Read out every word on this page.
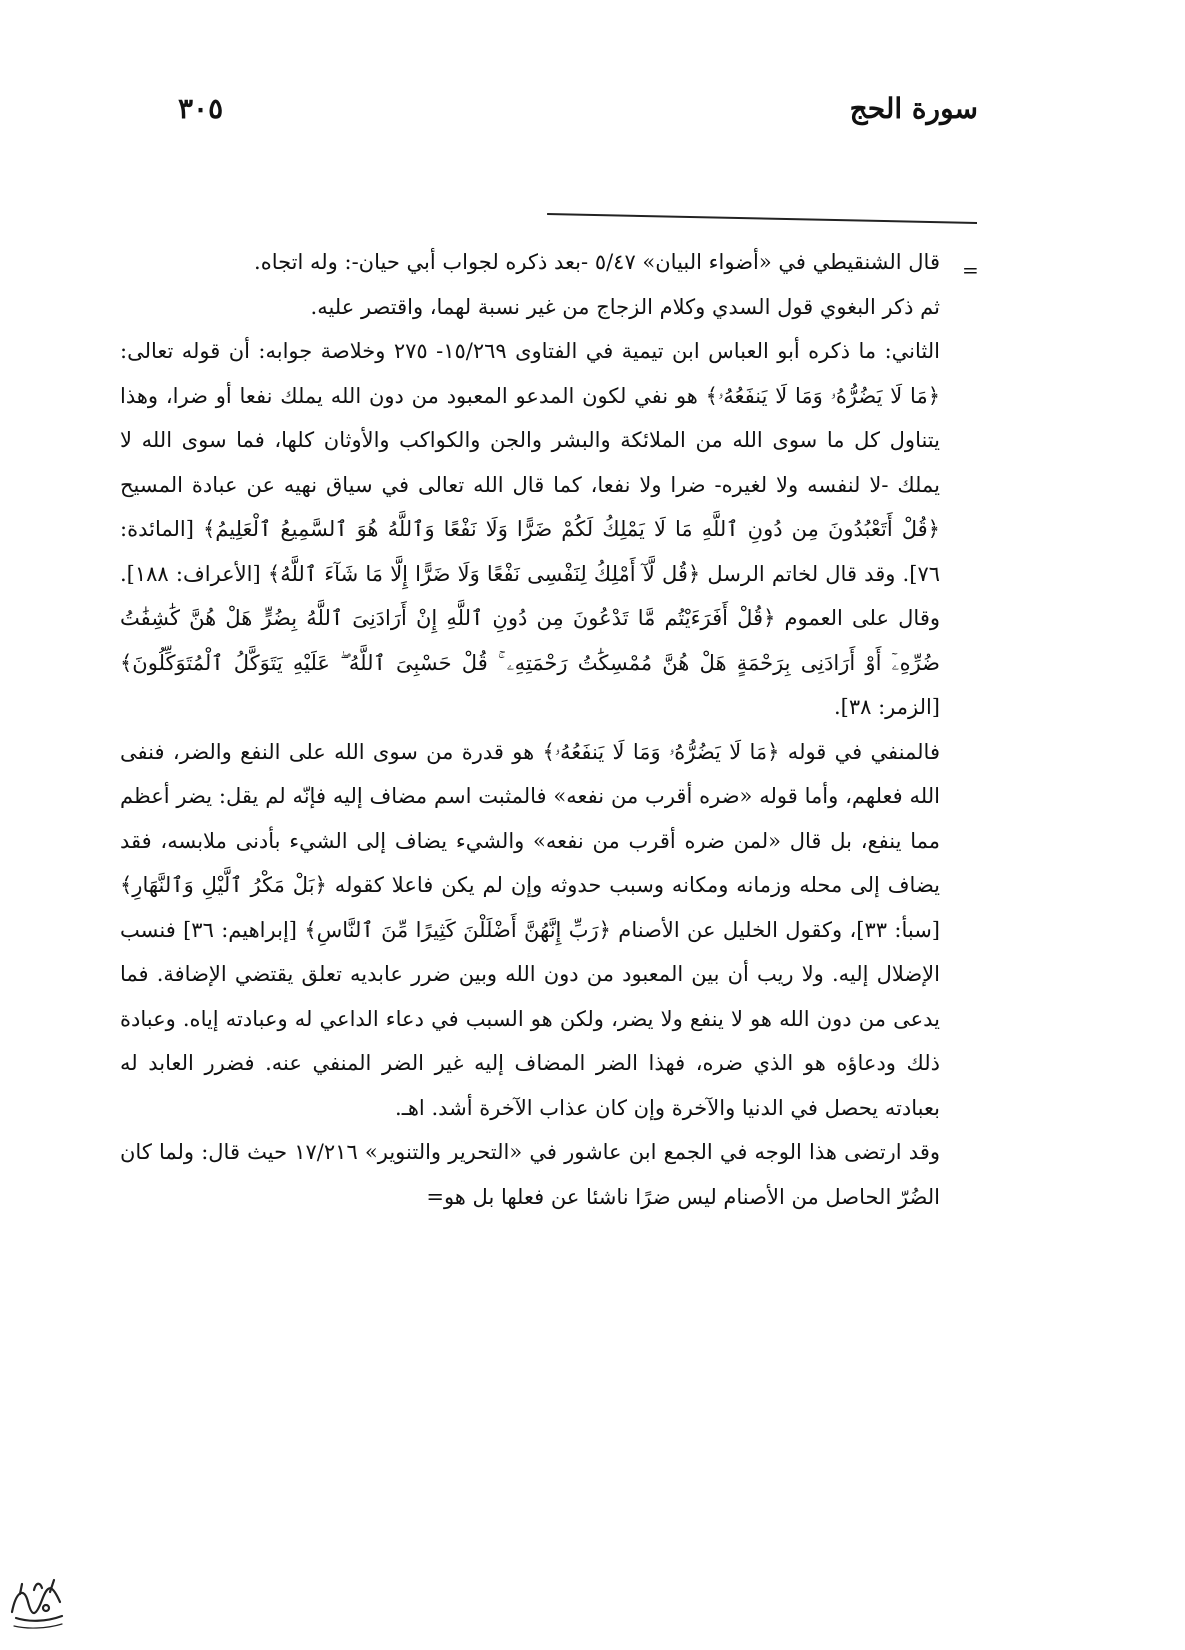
سورة الحج
٣٠٥
=

قال الشنقيطي في «أضواء البيان» ٥/٤٧ -بعد ذكره لجواب أبي حيان-: وله اتجاه.

ثم ذكر البغوي قول السدي وكلام الزجاج من غير نسبة لهما، واقتصر عليه.

الثاني: ما ذكره أبو العباس ابن تيمية في الفتاوى ١٥/٢٦٩- ٢٧٥ وخلاصة جوابه: أن قوله تعالى: ﴿مَا لَا يَضُرُّهُۥ وَمَا لَا يَنفَعُهُۥ﴾ هو نفي لكون المدعو المعبود من دون الله يملك نفعا أو ضرا، وهذا يتناول كل ما سوى الله من الملائكة والبشر والجن والكواكب والأوثان كلها، فما سوى الله لا يملك -لا لنفسه ولا لغيره- ضرا ولا نفعا، كما قال الله تعالى في سياق نهيه عن عبادة المسيح ﴿قُلْ أَتَعْبُدُونَ مِن دُونِ ٱللَّهِ مَا لَا يَمْلِكُ لَكُمْ ضَرًّا وَلَا نَفْعًا وَٱللَّهُ هُوَ ٱلسَّمِيعُ ٱلْعَلِيمُ﴾ [المائدة: ٧٦]. وقد قال لخاتم الرسل ﴿قُل لَّآ أَمْلِكُ لِنَفْسِى نَفْعًا وَلَا ضَرًّا إِلَّا مَا شَآءَ ٱللَّهُ﴾ [الأعراف: ١٨٨]. وقال على العموم ﴿قُلْ أَفَرَءَيْتُم مَّا تَدْعُونَ مِن دُونِ ٱللَّهِ إِنْ أَرَادَنِىَ ٱللَّهُ بِضُرٍّ هَلْ هُنَّ كَٰشِفَٰتُ ضُرِّهِۦٓ أَوْ أَرَادَنِى بِرَحْمَةٍ هَلْ هُنَّ مُمْسِكَٰتُ رَحْمَتِهِۦ ۚ قُلْ حَسْبِىَ ٱللَّهُ ۖ عَلَيْهِ يَتَوَكَّلُ ٱلْمُتَوَكِّلُونَ﴾ [الزمر: ٣٨].

فالمنفي في قوله ﴿مَا لَا يَضُرُّهُۥ وَمَا لَا يَنفَعُهُۥ﴾ هو قدرة من سوى الله على النفع والضر، فنفى الله فعلهم، وأما قوله «ضره أقرب من نفعه» فالمثبت اسم مضاف إليه فإنّه لم يقل: يضر أعظم مما ينفع، بل قال «لمن ضره أقرب من نفعه» والشيء يضاف إلى الشيء بأدنى ملابسه، فقد يضاف إلى محله وزمانه ومكانه وسبب حدوثه وإن لم يكن فاعلا كقوله ﴿بَلْ مَكْرُ ٱلَّيْلِ وَٱلنَّهَارِ﴾ [سبأ: ٣٣]، وكقول الخليل عن الأصنام ﴿رَبِّ إِنَّهُنَّ أَضْلَلْنَ كَثِيرًا مِّنَ ٱلنَّاسِ﴾ [إبراهيم: ٣٦] فنسب الإضلال إليه. ولا ريب أن بين المعبود من دون الله وبين ضرر عابديه تعلق يقتضي الإضافة. فما يدعى من دون الله هو لا ينفع ولا يضر، ولكن هو السبب في دعاء الداعي له وعبادته إياه. وعبادة ذلك ودعاؤه هو الذي ضره، فهذا الضر المضاف إليه غير الضر المنفي عنه. فضرر العابد له بعبادته يحصل في الدنيا والآخرة وإن كان عذاب الآخرة أشد. اهـ.

وقد ارتضى هذا الوجه في الجمع ابن عاشور في «التحرير والتنوير» ١٧/٢١٦ حيث قال: ولما كان الضُرّ الحاصل من الأصنام ليس ضرًا ناشئا عن فعلها بل هو=
